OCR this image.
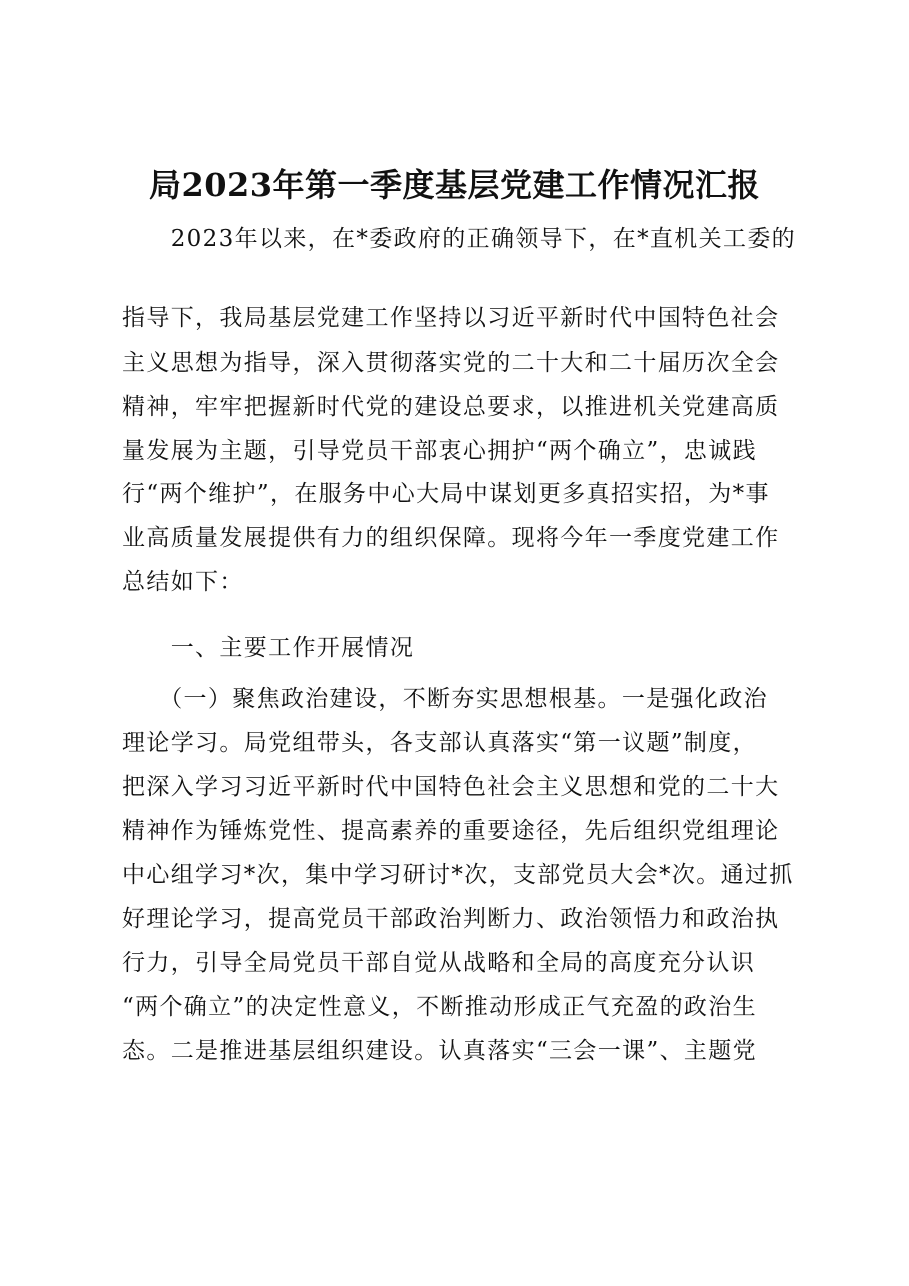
局2023年第一季度基层党建工作情况汇报
　　2023年以来，在*委政府的正确领导下，在*直机关工委的
指导下，我局基层党建工作坚持以习近平新时代中国特色社会
主义思想为指导，深入贯彻落实党的二十大和二十届历次全会
精神，牢牢把握新时代党的建设总要求，以推进机关党建高质
量发展为主题，引导党员干部衷心拥护“两个确立”，忠诚践
行“两个维护”，在服务中心大局中谋划更多真招实招，为*事
业高质量发展提供有力的组织保障。现将今年一季度党建工作
总结如下：
　　一、主要工作开展情况
　　（一）聚焦政治建设，不断夯实思想根基。一是强化政治
理论学习。局党组带头，各支部认真落实“第一议题”制度，
把深入学习习近平新时代中国特色社会主义思想和党的二十大
精神作为锤炼党性、提高素养的重要途径，先后组织党组理论
中心组学习*次，集中学习研讨*次，支部党员大会*次。通过抓
好理论学习，提高党员干部政治判断力、政治领悟力和政治执
行力，引导全局党员干部自觉从战略和全局的高度充分认识
“两个确立”的决定性意义，不断推动形成正气充盈的政治生
态。二是推进基层组织建设。认真落实“三会一课”、主题党
